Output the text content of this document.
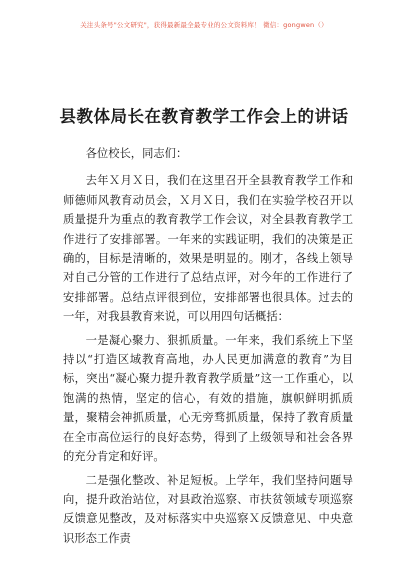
关注头条号"公文研究"，获得最新最全最专业的公文资料库！ 微信：gongwen（）
县教体局长在教育教学工作会上的讲话

各位校长，同志们：

去年Ｘ月Ｘ日，我们在这里召开全县教育教学工作和师德师风教育动员会，Ｘ月Ｘ日，我们在实验学校召开以质量提升为重点的教育教学工作会议，对全县教育教学工作进行了安排部署。一年来的实践证明，我们的决策是正确的，目标是清晰的，效果是明显的。刚才，各线上领导对自己分管的工作进行了总结点评，对今年的工作进行了安排部署。总结点评很到位，安排部署也很具体。过去的一年，对我县教育来说，可以用四句话概括：

一是凝心聚力、狠抓质量。一年来，我们系统上下坚持以“打造区域教育高地，办人民更加满意的教育”为目标，突出“凝心聚力提升教育教学质量”这一工作重心，以饱满的热情，坚定的信心，有效的措施，旗帜鲜明抓质量，聚精会神抓质量，心无旁骛抓质量，保持了教育质量在全市高位运行的良好态势，得到了上级领导和社会各界的充分肯定和好评。

二是强化整改、补足短板。上学年，我们坚持问题导向，提升政治站位，对县政治巡察、市扶贫领域专项巡察反馈意见整改，及对标落实中央巡察Ｘ反馈意见、中央意识形态工作责
